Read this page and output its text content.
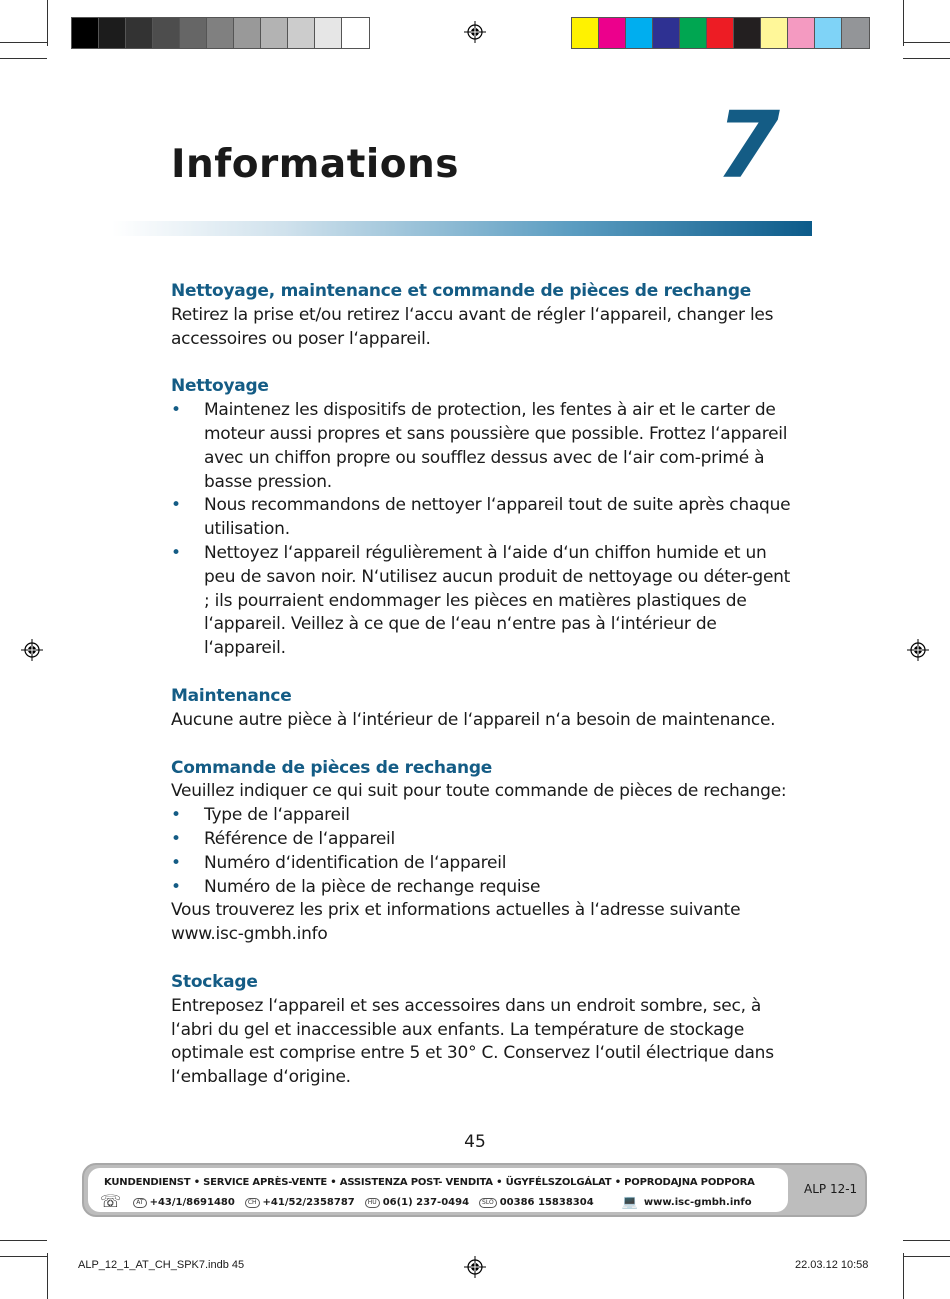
Informations	7
Nettoyage, maintenance et commande de pièces de rechange

Retirez la prise et/ou retirez l‘accu avant de régler l‘appareil, changer les accessoires ou poser l‘appareil.

Nettoyage
• Maintenez les dispositifs de protection, les fentes à air et le carter de moteur aussi propres et sans poussière que possible. Frottez l‘appareil avec un chiffon propre ou soufflez dessus avec de l‘air com-primé à basse pression.
• Nous recommandons de nettoyer l‘appareil tout de suite après chaque utilisation.
• Nettoyez l‘appareil régulièrement à l‘aide d‘un chiffon humide et un peu de savon noir. N‘utilisez aucun produit de nettoyage ou déter-gent ; ils pourraient endommager les pièces en matières plastiques de l‘appareil. Veillez à ce que de l‘eau n‘entre pas à l‘intérieur de l‘appareil.
Maintenance

Aucune autre pièce à l‘intérieur de l‘appareil n‘a besoin de maintenance.

Commande de pièces de rechange

Veuillez indiquer ce qui suit pour toute commande de pièces de rechange:

• Type de l‘appareil
• Référence de l‘appareil
• Numéro d‘identification de l‘appareil
• Numéro de la pièce de rechange requise

Vous trouverez les prix et informations actuelles à l‘adresse suivante

www.isc-gmbh.info

Stockage

Entreposez l‘appareil et ses accessoires dans un endroit sombre, sec, à l‘abri du gel et inaccessible aux enfants. La température de stockage optimale est comprise entre 5 et 30° C. Conservez l‘outil électrique dans l‘emballage d‘origine.

45
KUNDENDIENST • SERVICE APRÈS-VENTE • ASSISTENZA POST- VENDITA • ÜGYFÉLSZOLGÁLAT • POPRODAJNA PODPORA
☏	AT +43/1/8691480	CH +41/52/2358787	HU 06(1) 237-0494	SLO 00386 15838304 💻 www.isc-gmbh.info
ALP 12-1
ALP_12_1_AT_CH_SPK7.indb 45	22.03.12 10:58
